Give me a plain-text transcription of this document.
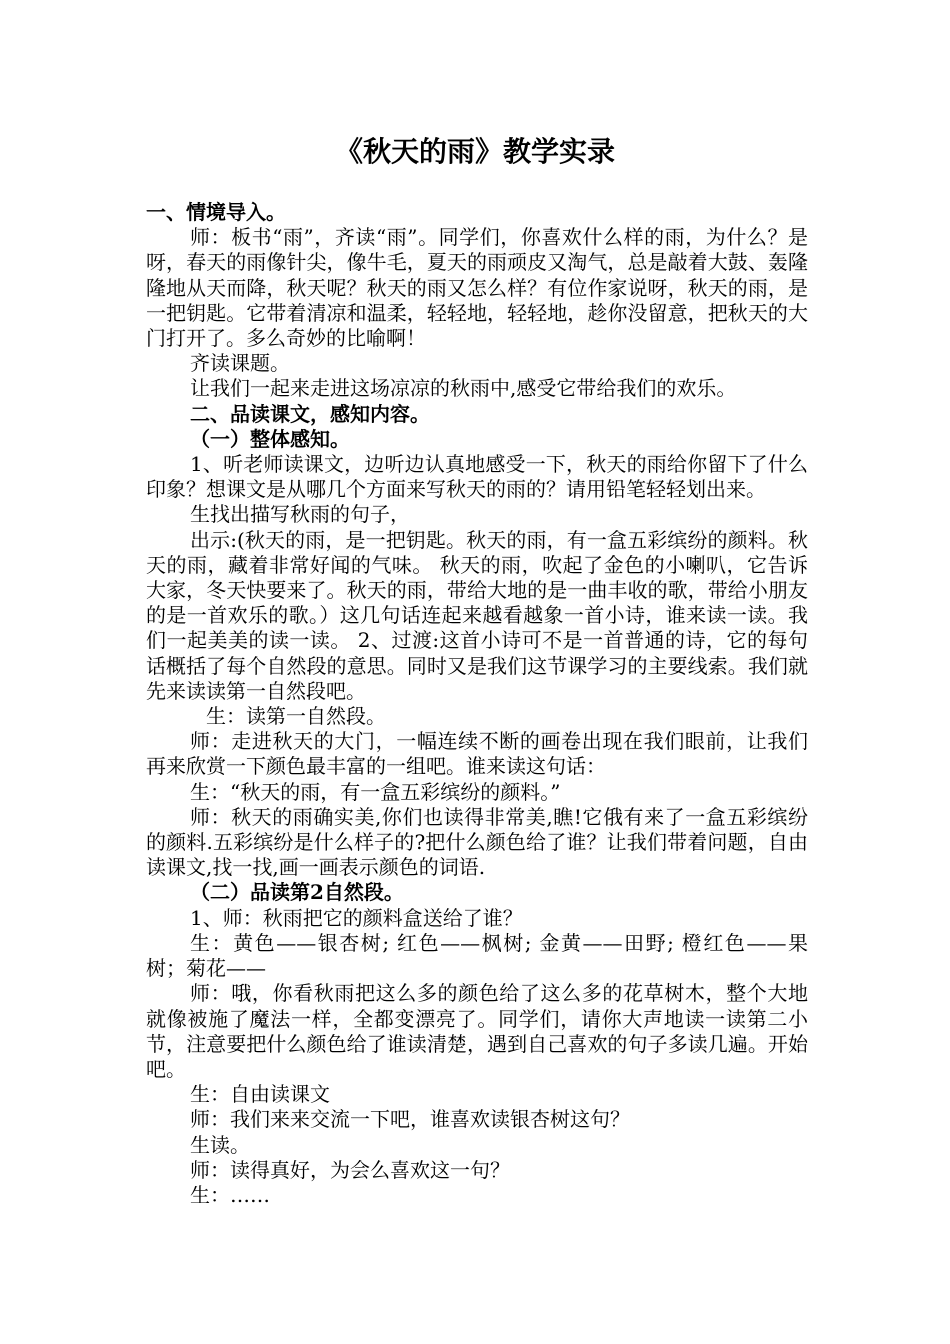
《秋天的雨》教学实录

一、情境导入。

师：板书“雨”，齐读“雨”。同学们，你喜欢什么样的雨，为什么？是呀，春天的雨像针尖，像牛毛，夏天的雨顽皮又淘气，总是敲着大鼓、轰隆隆地从天而降，秋天呢？秋天的雨又怎么样？有位作家说呀，秋天的雨，是一把钥匙。它带着清凉和温柔，轻轻地，轻轻地，趁你没留意，把秋天的大门打开了。多么奇妙的比喻啊！

齐读课题。

让我们一起来走进这场凉凉的秋雨中,感受它带给我们的欢乐。

二、品读课文，感知内容。

（一）整体感知。

1、听老师读课文，边听边认真地感受一下，秋天的雨给你留下了什么印象？想课文是从哪几个方面来写秋天的雨的？请用铅笔轻轻划出来。

生找出描写秋雨的句子，

出示:(秋天的雨，是一把钥匙。秋天的雨，有一盒五彩缤纷的颜料。秋天的雨，藏着非常好闻的气味。 秋天的雨，吹起了金色的小喇叭，它告诉大家，冬天快要来了。秋天的雨，带给大地的是一曲丰收的歌，带给小朋友的是一首欢乐的歌。）这几句话连起来越看越象一首小诗，谁来读一读。我们一起美美的读一读。 2、过渡:这首小诗可不是一首普通的诗，它的每句话概括了每个自然段的意思。同时又是我们这节课学习的主要线索。我们就先来读读第一自然段吧。

生：读第一自然段。

师：走进秋天的大门，一幅连续不断的画卷出现在我们眼前，让我们再来欣赏一下颜色最丰富的一组吧。谁来读这句话：

生：“秋天的雨，有一盒五彩缤纷的颜料。”

师：秋天的雨确实美,你们也读得非常美,瞧!它俄有来了一盒五彩缤纷的颜料.五彩缤纷是什么样子的?把什么颜色给了谁？让我们带着问题，自由读课文,找一找,画一画表示颜色的词语.

（二）品读第2自然段。

1、师：秋雨把它的颜料盒送给了谁？

生：黄色——银杏树; 红色——枫树; 金黄——田野; 橙红色——果树；菊花——

师：哦，你看秋雨把这么多的颜色给了这么多的花草树木，整个大地就像被施了魔法一样，全都变漂亮了。同学们，请你大声地读一读第二小节，注意要把什么颜色给了谁读清楚，遇到自己喜欢的句子多读几遍。开始吧。

生：自由读课文

师：我们来来交流一下吧，谁喜欢读银杏树这句？

生读。

师：读得真好，为会么喜欢这一句？

生：……
